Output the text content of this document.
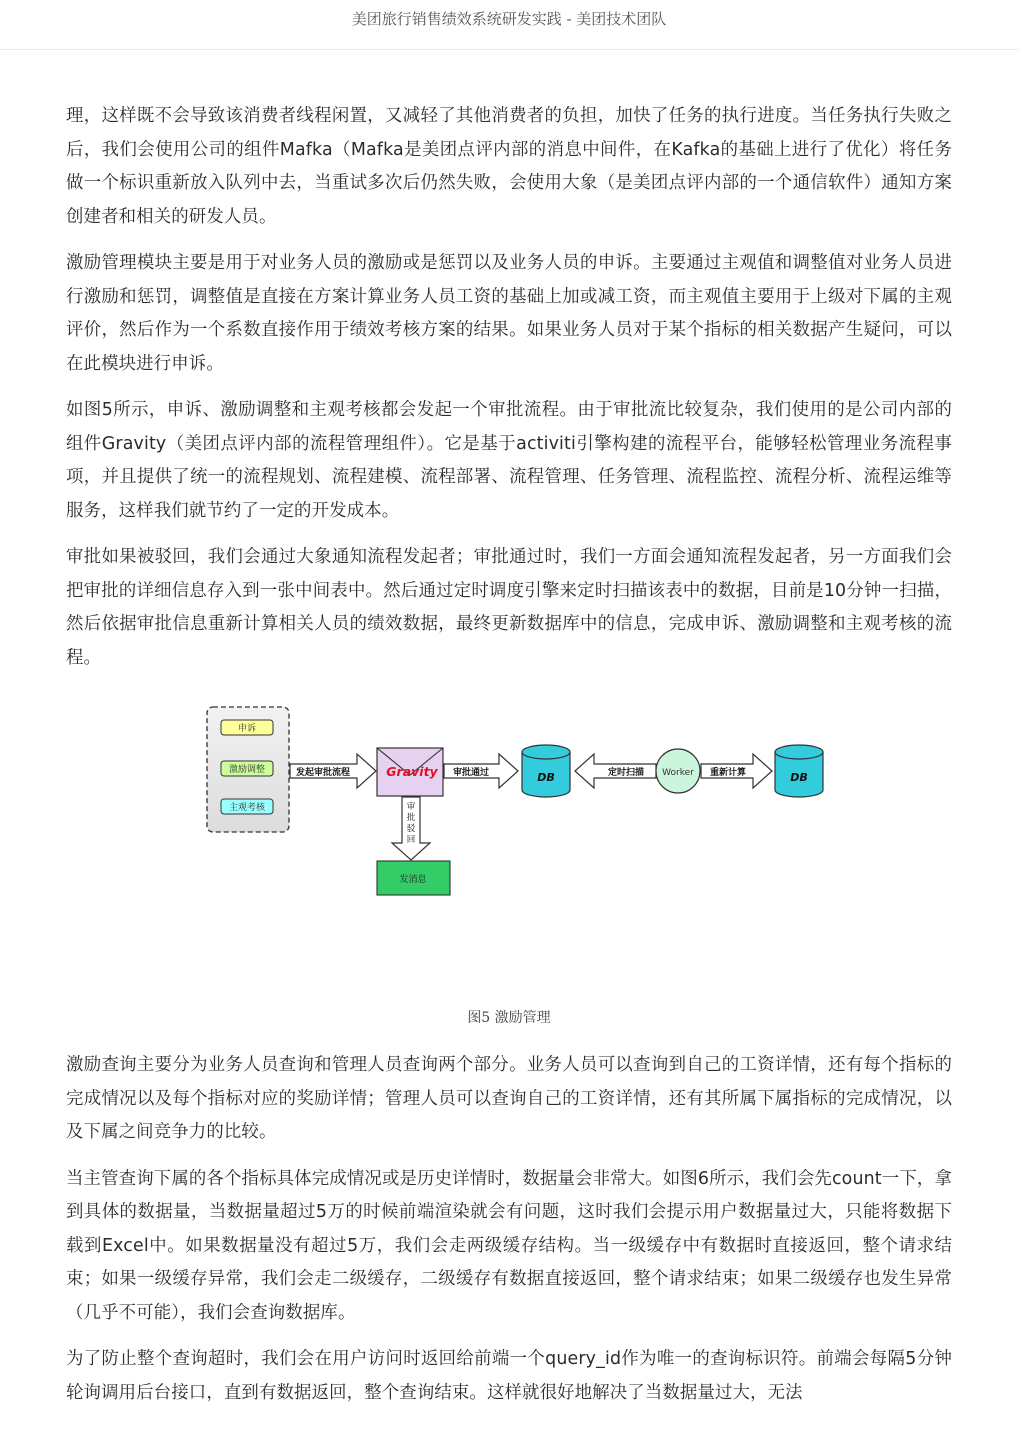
美团旅行销售绩效系统研发实践 - 美团技术团队

理，这样既不会导致该消费者线程闲置，又减轻了其他消费者的负担，加快了任务的执行进度。当任务执行失败之后，我们会使用公司的组件Mafka（Mafka是美团点评内部的消息中间件，在Kafka的基础上进行了优化）将任务做一个标识重新放入队列中去，当重试多次后仍然失败，会使用大象（是美团点评内部的一个通信软件）通知方案创建者和相关的研发人员。

激励管理模块主要是用于对业务人员的激励或是惩罚以及业务人员的申诉。主要通过主观值和调整值对业务人员进行激励和惩罚，调整值是直接在方案计算业务人员工资的基础上加或减工资，而主观值主要用于上级对下属的主观评价，然后作为一个系数直接作用于绩效考核方案的结果。如果业务人员对于某个指标的相关数据产生疑问，可以在此模块进行申诉。

如图5所示，申诉、激励调整和主观考核都会发起一个审批流程。由于审批流比较复杂，我们使用的是公司内部的组件Gravity（美团点评内部的流程管理组件）。它是基于activiti引擎构建的流程平台，能够轻松管理业务流程事项，并且提供了统一的流程规划、流程建模、流程部署、流程管理、任务管理、流程监控、流程分析、流程运维等服务，这样我们就节约了一定的开发成本。

审批如果被驳回，我们会通过大象通知流程发起者；审批通过时，我们一方面会通知流程发起者，另一方面我们会把审批的详细信息存入到一张中间表中。然后通过定时调度引擎来定时扫描该表中的数据，目前是10分钟一扫描，然后依据审批信息重新计算相关人员的绩效数据，最终更新数据库中的信息，完成申诉、激励调整和主观考核的流程。

申诉
激励调整
主观考核
发起审批流程	Gravity 审批通过	DB	定时扫描 Worker 重新计算	DB
审
批
驳
回
发消息
图5 激励管理

激励查询主要分为业务人员查询和管理人员查询两个部分。业务人员可以查询到自己的工资详情，还有每个指标的完成情况以及每个指标对应的奖励详情；管理人员可以查询自己的工资详情，还有其所属下属指标的完成情况，以及下属之间竞争力的比较。

当主管查询下属的各个指标具体完成情况或是历史详情时，数据量会非常大。如图6所示，我们会先count一下，拿到具体的数据量，当数据量超过5万的时候前端渲染就会有问题，这时我们会提示用户数据量过大，只能将数据下载到Excel中。如果数据量没有超过5万，我们会走两级缓存结构。当一级缓存中有数据时直接返回，整个请求结束；如果一级缓存异常，我们会走二级缓存，二级缓存有数据直接返回，整个请求结束；如果二级缓存也发生异常（几乎不可能），我们会查询数据库。

为了防止整个查询超时，我们会在用户访问时返回给前端一个query_id作为唯一的查询标识符。前端会每隔5分钟轮询调用后台接口，直到有数据返回，整个查询结束。这样就很好地解决了当数据量过大，无法
